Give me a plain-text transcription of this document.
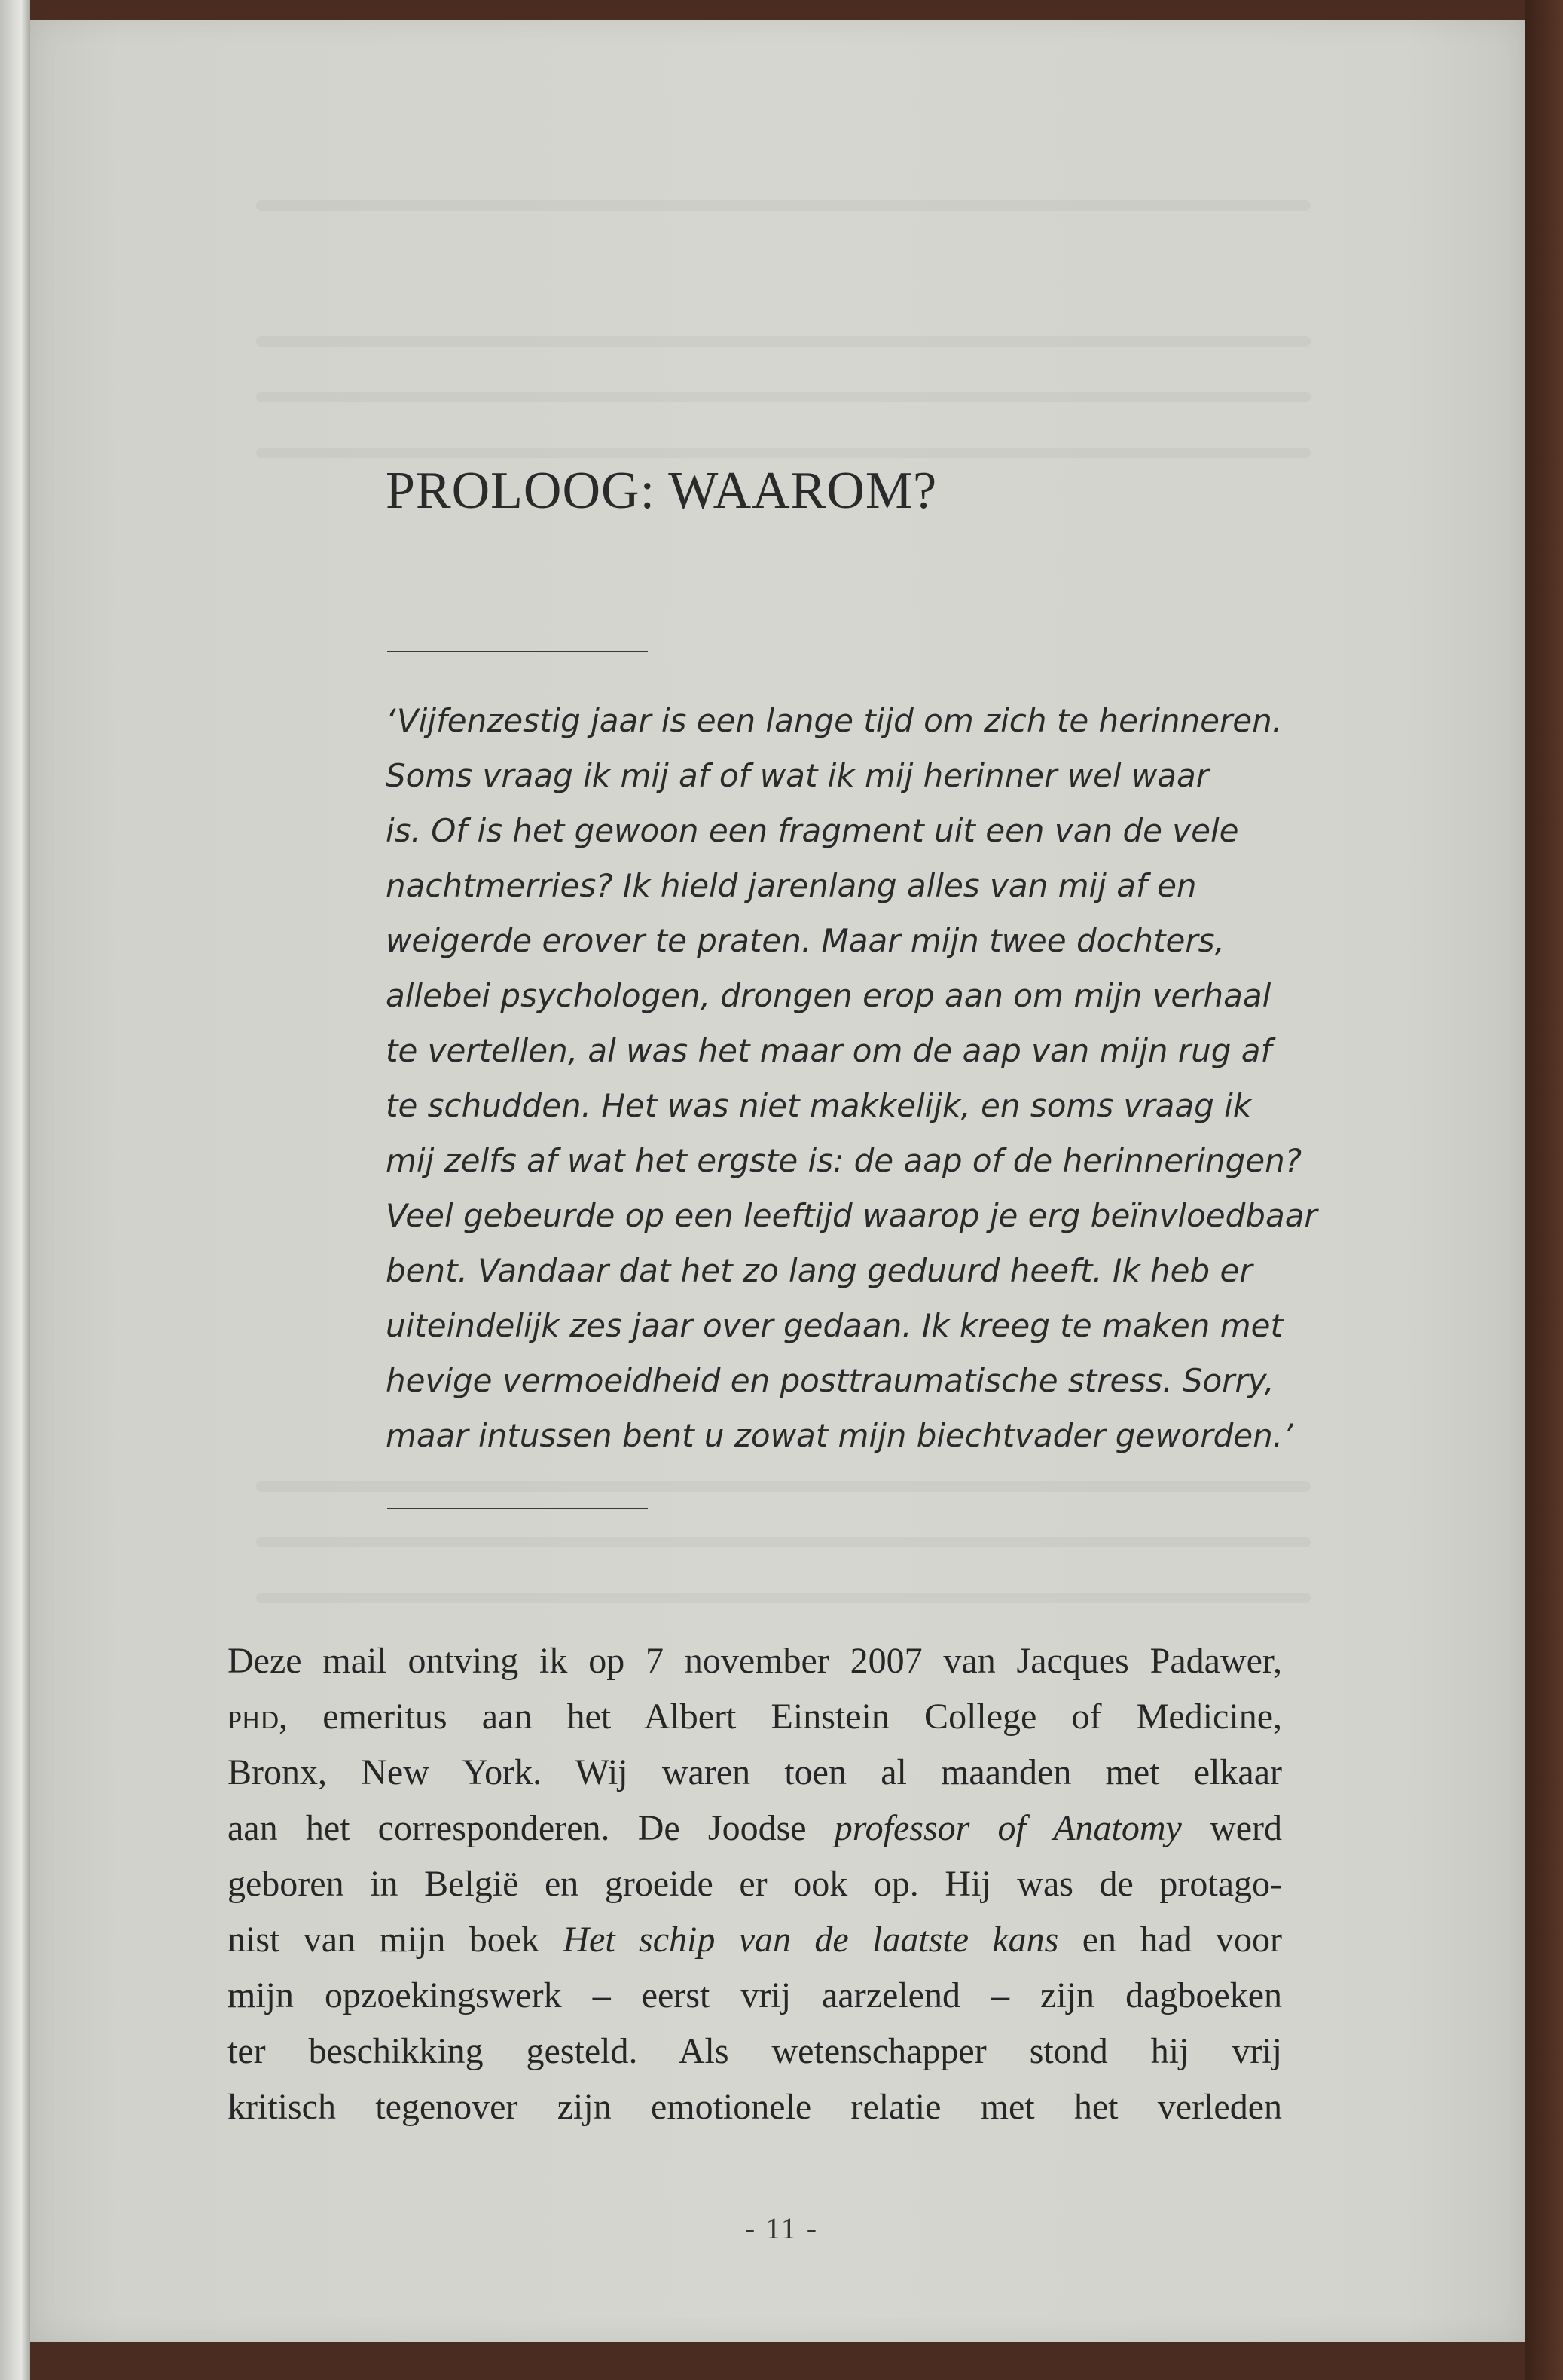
PROLOOG: WAAROM?
‘Vijfenzestig jaar is een lange tijd om zich te herinneren.
Soms vraag ik mij af of wat ik mij herinner wel waar
is. Of is het gewoon een fragment uit een van de vele
nachtmerries? Ik hield jarenlang alles van mij af en
weigerde erover te praten. Maar mijn twee dochters,
allebei psychologen, drongen erop aan om mijn verhaal
te vertellen, al was het maar om de aap van mijn rug af
te schudden. Het was niet makkelijk, en soms vraag ik
mij zelfs af wat het ergste is: de aap of de herinneringen?
Veel gebeurde op een leeftijd waarop je erg beïnvloedbaar
bent. Vandaar dat het zo lang geduurd heeft. Ik heb er
uiteindelijk zes jaar over gedaan. Ik kreeg te maken met
hevige vermoeidheid en posttraumatische stress. Sorry,
maar intussen bent u zowat mijn biechtvader geworden.’
Deze mail ontving ik op 7 november 2007 van Jacques Padawer,
phd, emeritus aan het Albert Einstein College of Medicine,
Bronx, New York. Wij waren toen al maanden met elkaar
aan het corresponderen. De Joodse professor of Anatomy werd
geboren in België en groeide er ook op. Hij was de protago-
nist van mijn boek Het schip van de laatste kans en had voor
mijn opzoekingswerk – eerst vrij aarzelend – zijn dagboeken
ter beschikking gesteld. Als wetenschapper stond hij vrij
kritisch tegenover zijn emotionele relatie met het verleden
- 11 -
